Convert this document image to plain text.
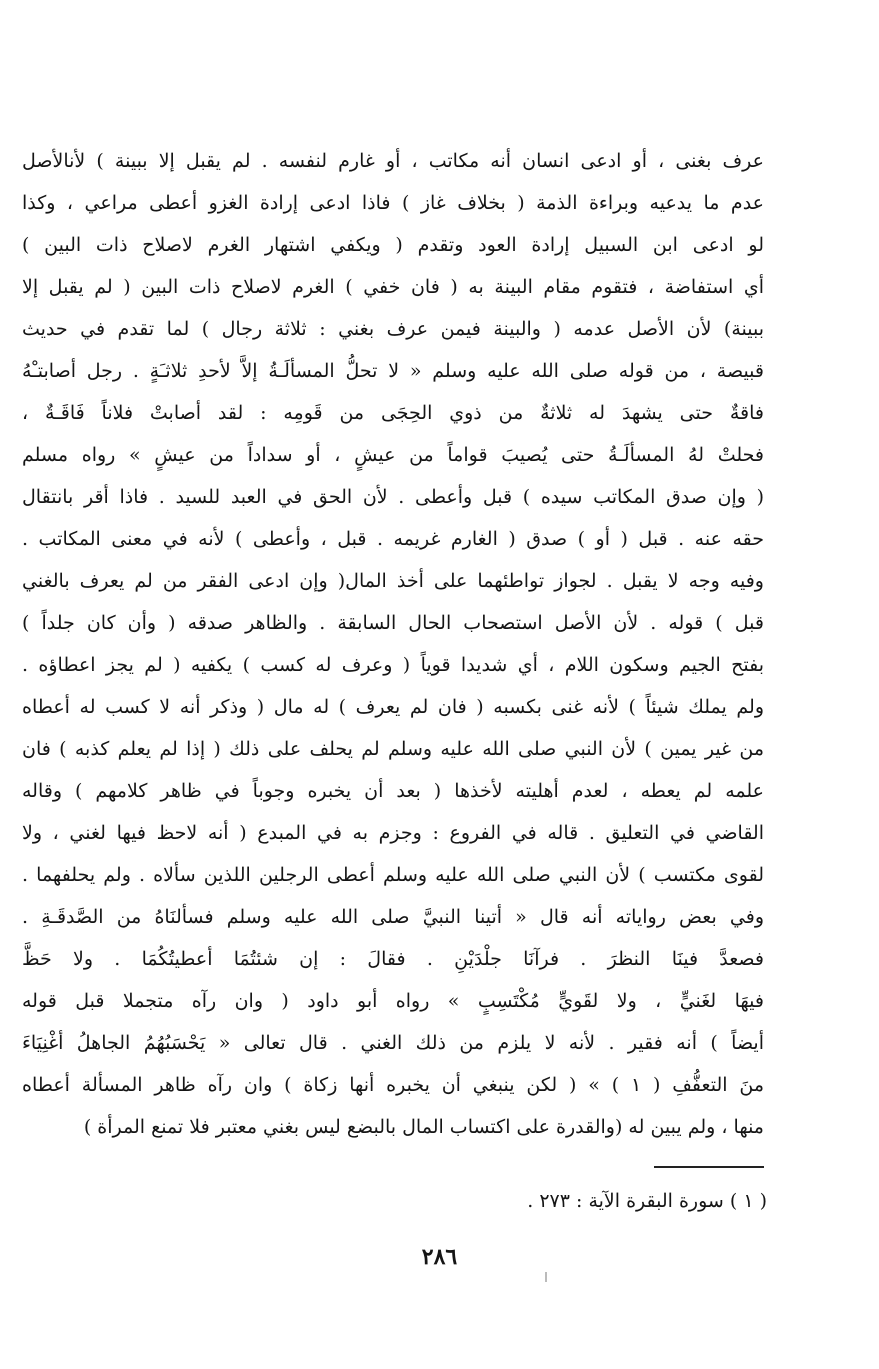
عرف بغنى ، أو ادعى انسان أنه مكاتب ، أو غارم لنفسه . لم يقبل إلا ببينة ) لأنالأصل
عدم ما يدعيه وبراءة الذمة ( بخلاف غاز ) فاذا ادعى إرادة الغزو أعطى مراعي ، وكذا
لو ادعى ابن السبيل إرادة العود وتقدم ( ويكفي اشتهار الغرم لاصلاح ذات البين )
أي استفاضة ، فتقوم مقام البينة به ( فان خفي ) الغرم لاصلاح ذات البين ( لم يقبل إلا
ببينة) لأن الأصل عدمه ( والبينة فيمن عرف بغني : ثلاثة رجال ) لما تقدم في حديث
قبيصة ، من قوله صلى الله عليه وسلم « لا تحلُّ المسألَـةُ إلاَّ لأحدِ ثلاثـَةٍ . رجل أصابتـْهُ
فاقةٌ حتى يشهدَ له ثلاثةٌ من ذوي الحِجَى من قَومِه : لقد أصابتْ فلاناً فَاقَـةٌ ،
فحلتْ لهُ المسألَـةُ حتى يُصيبَ قواماً من عيشٍ ، أو سداداً من عيشٍ » رواه مسلم
( وإن صدق المكاتب سيده ) قبل وأعطى . لأن الحق في العبد للسيد . فاذا أقر بانتقال
حقه عنه . قبل ( أو ) صدق ( الغارم غريمه . قبل ، وأعطى ) لأنه في معنى المكاتب .
وفيه وجه لا يقبل . لجواز تواطئهما على أخذ المال( وإن ادعى الفقر من لم يعرف بالغني
قبل ) قوله . لأن الأصل استصحاب الحال السابقة . والظاهر صدقه ( وأن كان جلداً )
بفتح الجيم وسكون اللام ، أي شديدا قوياً ( وعرف له كسب ) يكفيه ( لم يجز اعطاؤه .
ولم يملك شيئاً ) لأنه غنى بكسبه ( فان لم يعرف ) له مال ( وذكر أنه لا كسب له أعطاه
من غير يمين ) لأن النبي صلى الله عليه وسلم لم يحلف على ذلك ( إذا لم يعلم كذبه ) فان
علمه لم يعطه ، لعدم أهليته لأخذها ( بعد أن يخبره وجوباً في ظاهر كلامهم ) وقاله
القاضي في التعليق . قاله في الفروع : وجزم به في المبدع ( أنه لاحظ فيها لغني ، ولا
لقوى مكتسب ) لأن النبي صلى الله عليه وسلم أعطى الرجلين اللذين سألاه . ولم يحلفهما .
وفي بعض رواياته أنه قال « أتينا النبيَّ صلى الله عليه وسلم فسألنَاهُ من الصَّدقَـةِ .
فصعدَّ فينَا النظرَ . فرآنَا جلْدَيْنِ . فقالَ : إن شئتُمَا أعطيتُكُمَا . ولا حَظَّ
فيهَا لغَنيٍّ ، ولا لقَويٍّ مُكْتَسِبٍ » رواه أبو داود ( وان رآه متجملا قبل قوله
أيضاً ) أنه فقير . لأنه لا يلزم من ذلك الغني . قال تعالى « يَحْسَبُهُمُ الجاهلُ أغْنِيَاءَ
منَ التعفُّفِ ( ١ ) » ( لكن ينبغي أن يخبره أنها زكاة ) وان رآه ظاهر المسألة أعطاه
منها ، ولم يبين له (والقدرة على اكتساب المال بالبضع ليس بغني معتبر فلا تمنع المرأة )
( ١ ) سورة البقرة الآية : ٢٧٣ .
٢٨٦
